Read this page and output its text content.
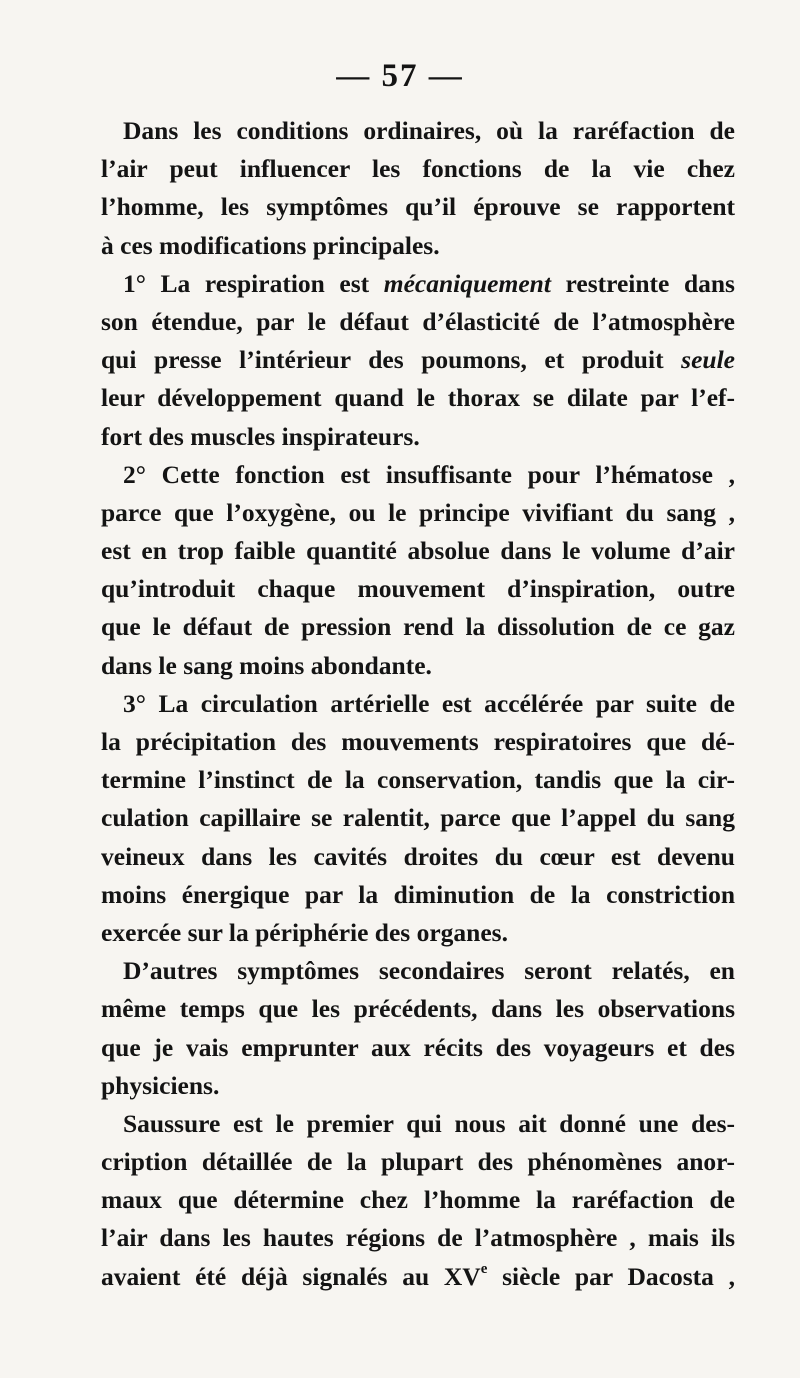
— 57 —
Dans les conditions ordinaires, où la raréfaction de
l’air peut influencer les fonctions de la vie chez
l’homme, les symptômes qu’il éprouve se rapportent
à ces modifications principales.
1° La respiration est mécaniquement restreinte dans
son étendue, par le défaut d’élasticité de l’atmosphère
qui presse l’intérieur des poumons, et produit seule
leur développement quand le thorax se dilate par l’ef-
fort des muscles inspirateurs.
2° Cette fonction est insuffisante pour l’hématose ,
parce que l’oxygène, ou le principe vivifiant du sang ,
est en trop faible quantité absolue dans le volume d’air
qu’introduit chaque mouvement d’inspiration, outre
que le défaut de pression rend la dissolution de ce gaz
dans le sang moins abondante.
3° La circulation artérielle est accélérée par suite de
la précipitation des mouvements respiratoires que dé-
termine l’instinct de la conservation, tandis que la cir-
culation capillaire se ralentit, parce que l’appel du sang
veineux dans les cavités droites du cœur est devenu
moins énergique par la diminution de la constriction
exercée sur la périphérie des organes.
D’autres symptômes secondaires seront relatés, en
même temps que les précédents, dans les observations
que je vais emprunter aux récits des voyageurs et des
physiciens.
Saussure est le premier qui nous ait donné une des-
cription détaillée de la plupart des phénomènes anor-
maux que détermine chez l’homme la raréfaction de
l’air dans les hautes régions de l’atmosphère , mais ils
avaient été déjà signalés au XVe siècle par Dacosta ,
